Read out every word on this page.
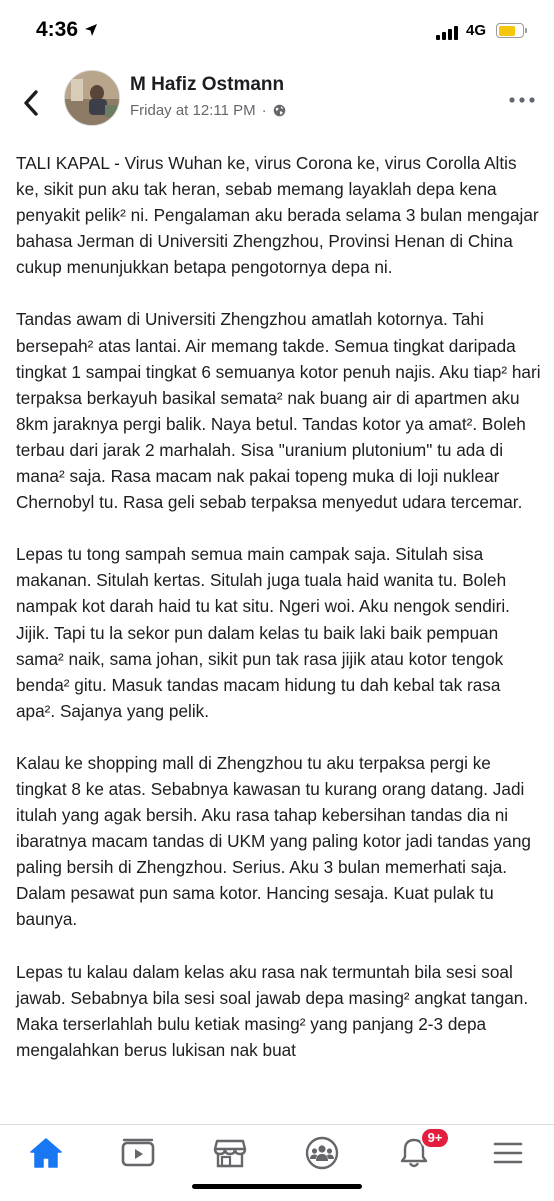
4:36	4G
M Hafiz Ostmann
Friday at 12:11 PM ·

TALI KAPAL - Virus Wuhan ke, virus Corona ke, virus Corolla Altis ke, sikit pun aku tak heran, sebab memang layaklah depa kena penyakit pelik² ni. Pengalaman aku berada selama 3 bulan mengajar bahasa Jerman di Universiti Zhengzhou, Provinsi Henan di China cukup menunjukkan betapa pengotornya depa ni.

Tandas awam di Universiti Zhengzhou amatlah kotornya. Tahi bersepah² atas lantai. Air memang takde. Semua tingkat daripada tingkat 1 sampai tingkat 6 semuanya kotor penuh najis. Aku tiap² hari terpaksa berkayuh basikal semata² nak buang air di apartmen aku 8km jaraknya pergi balik. Naya betul. Tandas kotor ya amat². Boleh terbau dari jarak 2 marhalah. Sisa "uranium plutonium" tu ada di mana² saja. Rasa macam nak pakai topeng muka di loji nuklear Chernobyl tu. Rasa geli sebab terpaksa menyedut udara tercemar.

Lepas tu tong sampah semua main campak saja. Situlah sisa makanan. Situlah kertas. Situlah juga tuala haid wanita tu. Boleh nampak kot darah haid tu kat situ. Ngeri woi. Aku nengok sendiri. Jijik. Tapi tu la sekor pun dalam kelas tu baik laki baik pempuan sama² naik, sama johan, sikit pun tak rasa jijik atau kotor tengok benda² gitu. Masuk tandas macam hidung tu dah kebal tak rasa apa². Sajanya yang pelik.

Kalau ke shopping mall di Zhengzhou tu aku terpaksa pergi ke tingkat 8 ke atas. Sebabnya kawasan tu kurang orang datang. Jadi itulah yang agak bersih. Aku rasa tahap kebersihan tandas dia ni ibaratnya macam tandas di UKM yang paling kotor jadi tandas yang paling bersih di Zhengzhou. Serius. Aku 3 bulan memerhati saja. Dalam pesawat pun sama kotor. Hancing sesaja. Kuat pulak tu baunya.

Lepas tu kalau dalam kelas aku rasa nak termuntah bila sesi soal jawab. Sebabnya bila sesi soal jawab depa masing² angkat tangan. Maka terserlahlah bulu ketiak masing² yang panjang 2-3 depa mengalahkan berus lukisan nak buat

9+
